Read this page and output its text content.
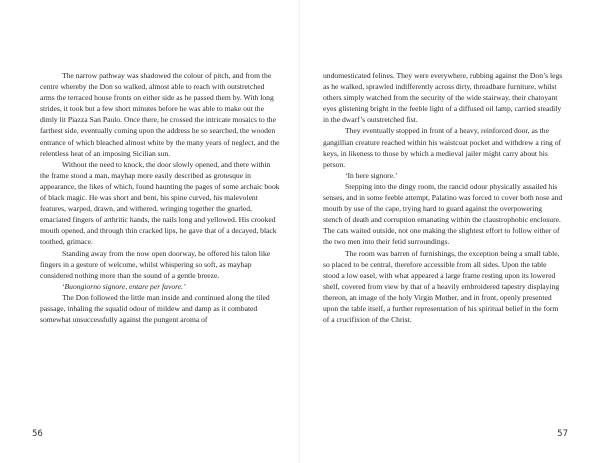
The narrow pathway was shadowed the colour of pitch, and from the centre whereby the Don so walked, almost able to reach with outstretched arms the terraced house fronts on either side as he passed them by. With long strides, it took but a few short minutes before he was able to make out the dimly lit Piazza San Paulo. Once there, he crossed the intricate mosaics to the farthest side, eventually coming upon the address he so searched, the wooden entrance of which bleached almost white by the many years of neglect, and the relentless heat of an imposing Sicilian sun.

Without the need to knock, the door slowly opened, and there within the frame stood a man, mayhap more easily described as grotesque in appearance, the likes of which, found haunting the pages of some archaic book of black magic. He was short and bent, his spine curved, his malevolent features, warped, drawn, and withered, wringing together the gnarled, emaciated fingers of arthritic hands, the nails long and yellowed. His crooked mouth opened, and through thin cracked lips, he gave that of a decayed, black toothed, grimace.

Standing away from the now open doorway, he offered his talon like fingers in a gesture of welcome, whilst whispering so soft, as mayhap considered nothing more than the sound of a gentle breeze.

‘Buongiorno signore, entare per favore.’

The Don followed the little man inside and continued along the tiled passage, inhaling the squalid odour of mildew and damp as it combated somewhat unsuccessfully against the pungent aroma of

56

undomesticated felines. They were everywhere, rubbing against the Don’s legs as he walked, sprawled indifferently across dirty, threadbare furniture, whilst others simply watched from the security of the wide stairway, their chatoyant eyes glistening bright in the feeble light of a diffused oil lamp, carried steadily in the dwarf’s outstretched fist.

They eventually stopped in front of a heavy, reinforced door, as the gangillian creature reached within his waistcoat pocket and withdrew a ring of keys, in likeness to those by which a medieval jailer might carry about his person.

‘In here signore.’

Stepping into the dingy room, the rancid odour physically assailed his senses, and in some feeble attempt, Palatino was forced to cover both nose and mouth by use of the cape, trying hard to guard against the overpowering stench of death and corruption emanating within the claustrophobic enclosure. The cats waited outside, not one making the slightest effort to follow either of the two men into their fetid surroundings.

The room was barren of furnishings, the exception being a small table, so placed to be central, therefore accessible from all sides. Upon the table stood a low easel, with what appeared a large frame resting upon its lowered shelf, covered from view by that of a heavily embroidered tapestry displaying thereon, an image of the holy Virgin Mother, and in front, openly presented upon the table itself, a further representation of his spiritual belief in the form of a crucifixion of the Christ.

57
